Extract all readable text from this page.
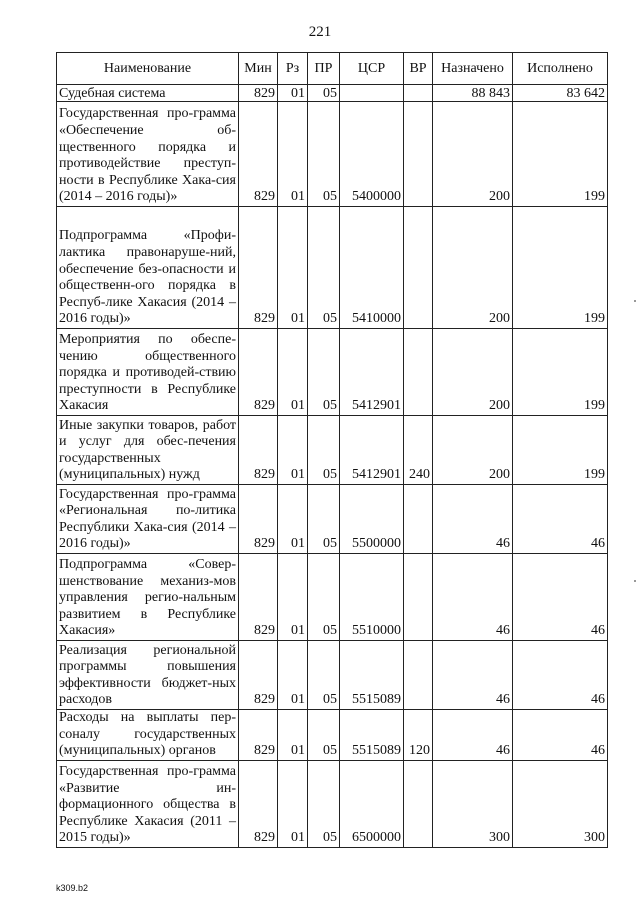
221
Наименование	Мин	Рз	ПР	ЦСР	ВР	Назначено	Исполнено
Судебная система	829	01	05			88 843	83 642
Государственная про-грамма «Обеспечение об-щественного порядка и противодействие преступ-ности в Республике Хака-сия (2014 – 2016 годы)»	829	01	05	5400000		200	199
Подпрограмма «Профи-лактика правонаруше-ний, обеспечение без-опасности и общественн-ого порядка в Респуб-лике Хакасия (2014 – 2016 годы)»	829	01	05	5410000		200	199
Мероприятия по обеспе-чению общественного порядка и противодей-ствию преступности в Республике Хакасия	829	01	05	5412901		200	199
Иные закупки товаров, работ и услуг для обес-печения государственных (муниципальных) нужд	829	01	05	5412901	240	200	199
Государственная про-грамма «Региональная по-литика Республики Хака-сия (2014 – 2016 годы)»	829	01	05	5500000		46	46
Подпрограмма «Совер-шенствование механиз-мов управления регио-нальным развитием в Республике Хакасия»	829	01	05	5510000		46	46
Реализация региональной программы повышения эффективности бюджет-ных расходов	829	01	05	5515089		46	46
Расходы на выплаты пер-соналу государственных (муниципальных) органов	829	01	05	5515089	120	46	46
Государственная про-грамма «Развитие ин-формационного общества в Республике Хакасия (2011 – 2015 годы)»	829	01	05	6500000		300	300
k309.b2
